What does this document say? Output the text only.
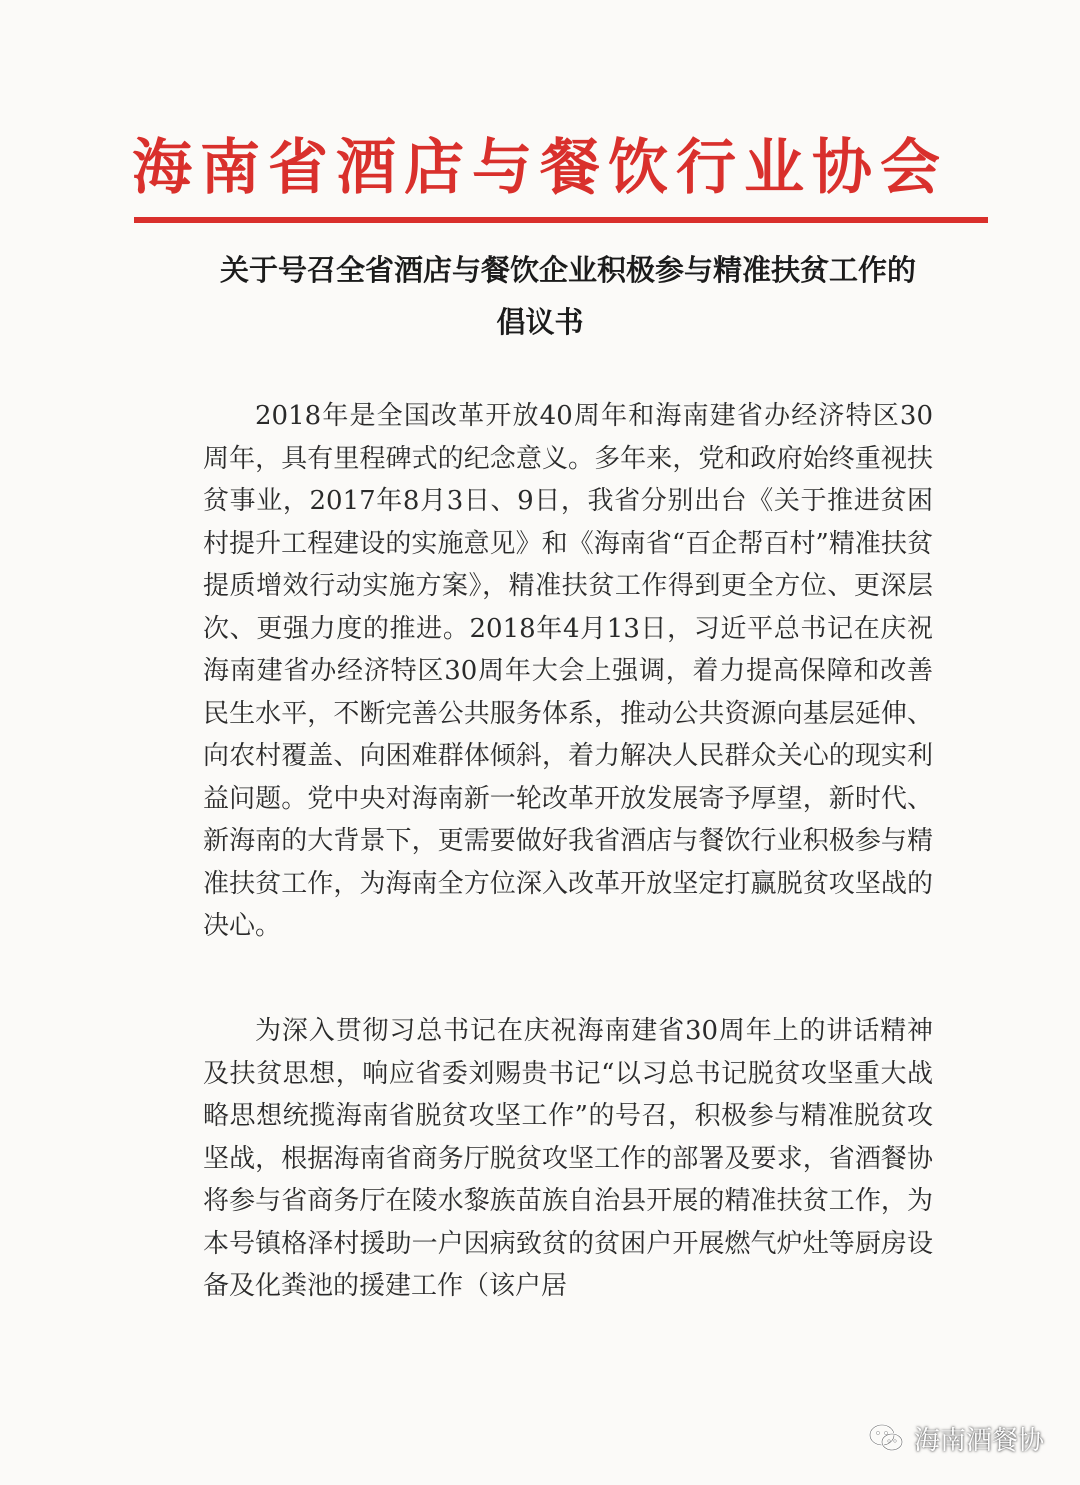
海南省酒店与餐饮行业协会
关于号召全省酒店与餐饮企业积极参与精准扶贫工作的
倡议书

2018年是全国改革开放40周年和海南建省办经济特区30周年，具有里程碑式的纪念意义。多年来，党和政府始终重视扶贫事业，2017年8月3日、9日，我省分别出台《关于推进贫困村提升工程建设的实施意见》和《海南省“百企帮百村”精准扶贫提质增效行动实施方案》，精准扶贫工作得到更全方位、更深层次、更强力度的推进。2018年4月13日，习近平总书记在庆祝海南建省办经济特区30周年大会上强调，着力提高保障和改善民生水平，不断完善公共服务体系，推动公共资源向基层延伸、向农村覆盖、向困难群体倾斜，着力解决人民群众关心的现实利益问题。党中央对海南新一轮改革开放发展寄予厚望，新时代、新海南的大背景下，更需要做好我省酒店与餐饮行业积极参与精准扶贫工作，为海南全方位深入改革开放坚定打赢脱贫攻坚战的决心。

为深入贯彻习总书记在庆祝海南建省30周年上的讲话精神及扶贫思想，响应省委刘赐贵书记“以习总书记脱贫攻坚重大战略思想统揽海南省脱贫攻坚工作”的号召，积极参与精准脱贫攻坚战，根据海南省商务厅脱贫攻坚工作的部署及要求，省酒餐协将参与省商务厅在陵水黎族苗族自治县开展的精准扶贫工作，为本号镇格泽村援助一户因病致贫的贫困户开展燃气炉灶等厨房设备及化粪池的援建工作（该户居

海南酒餐协
